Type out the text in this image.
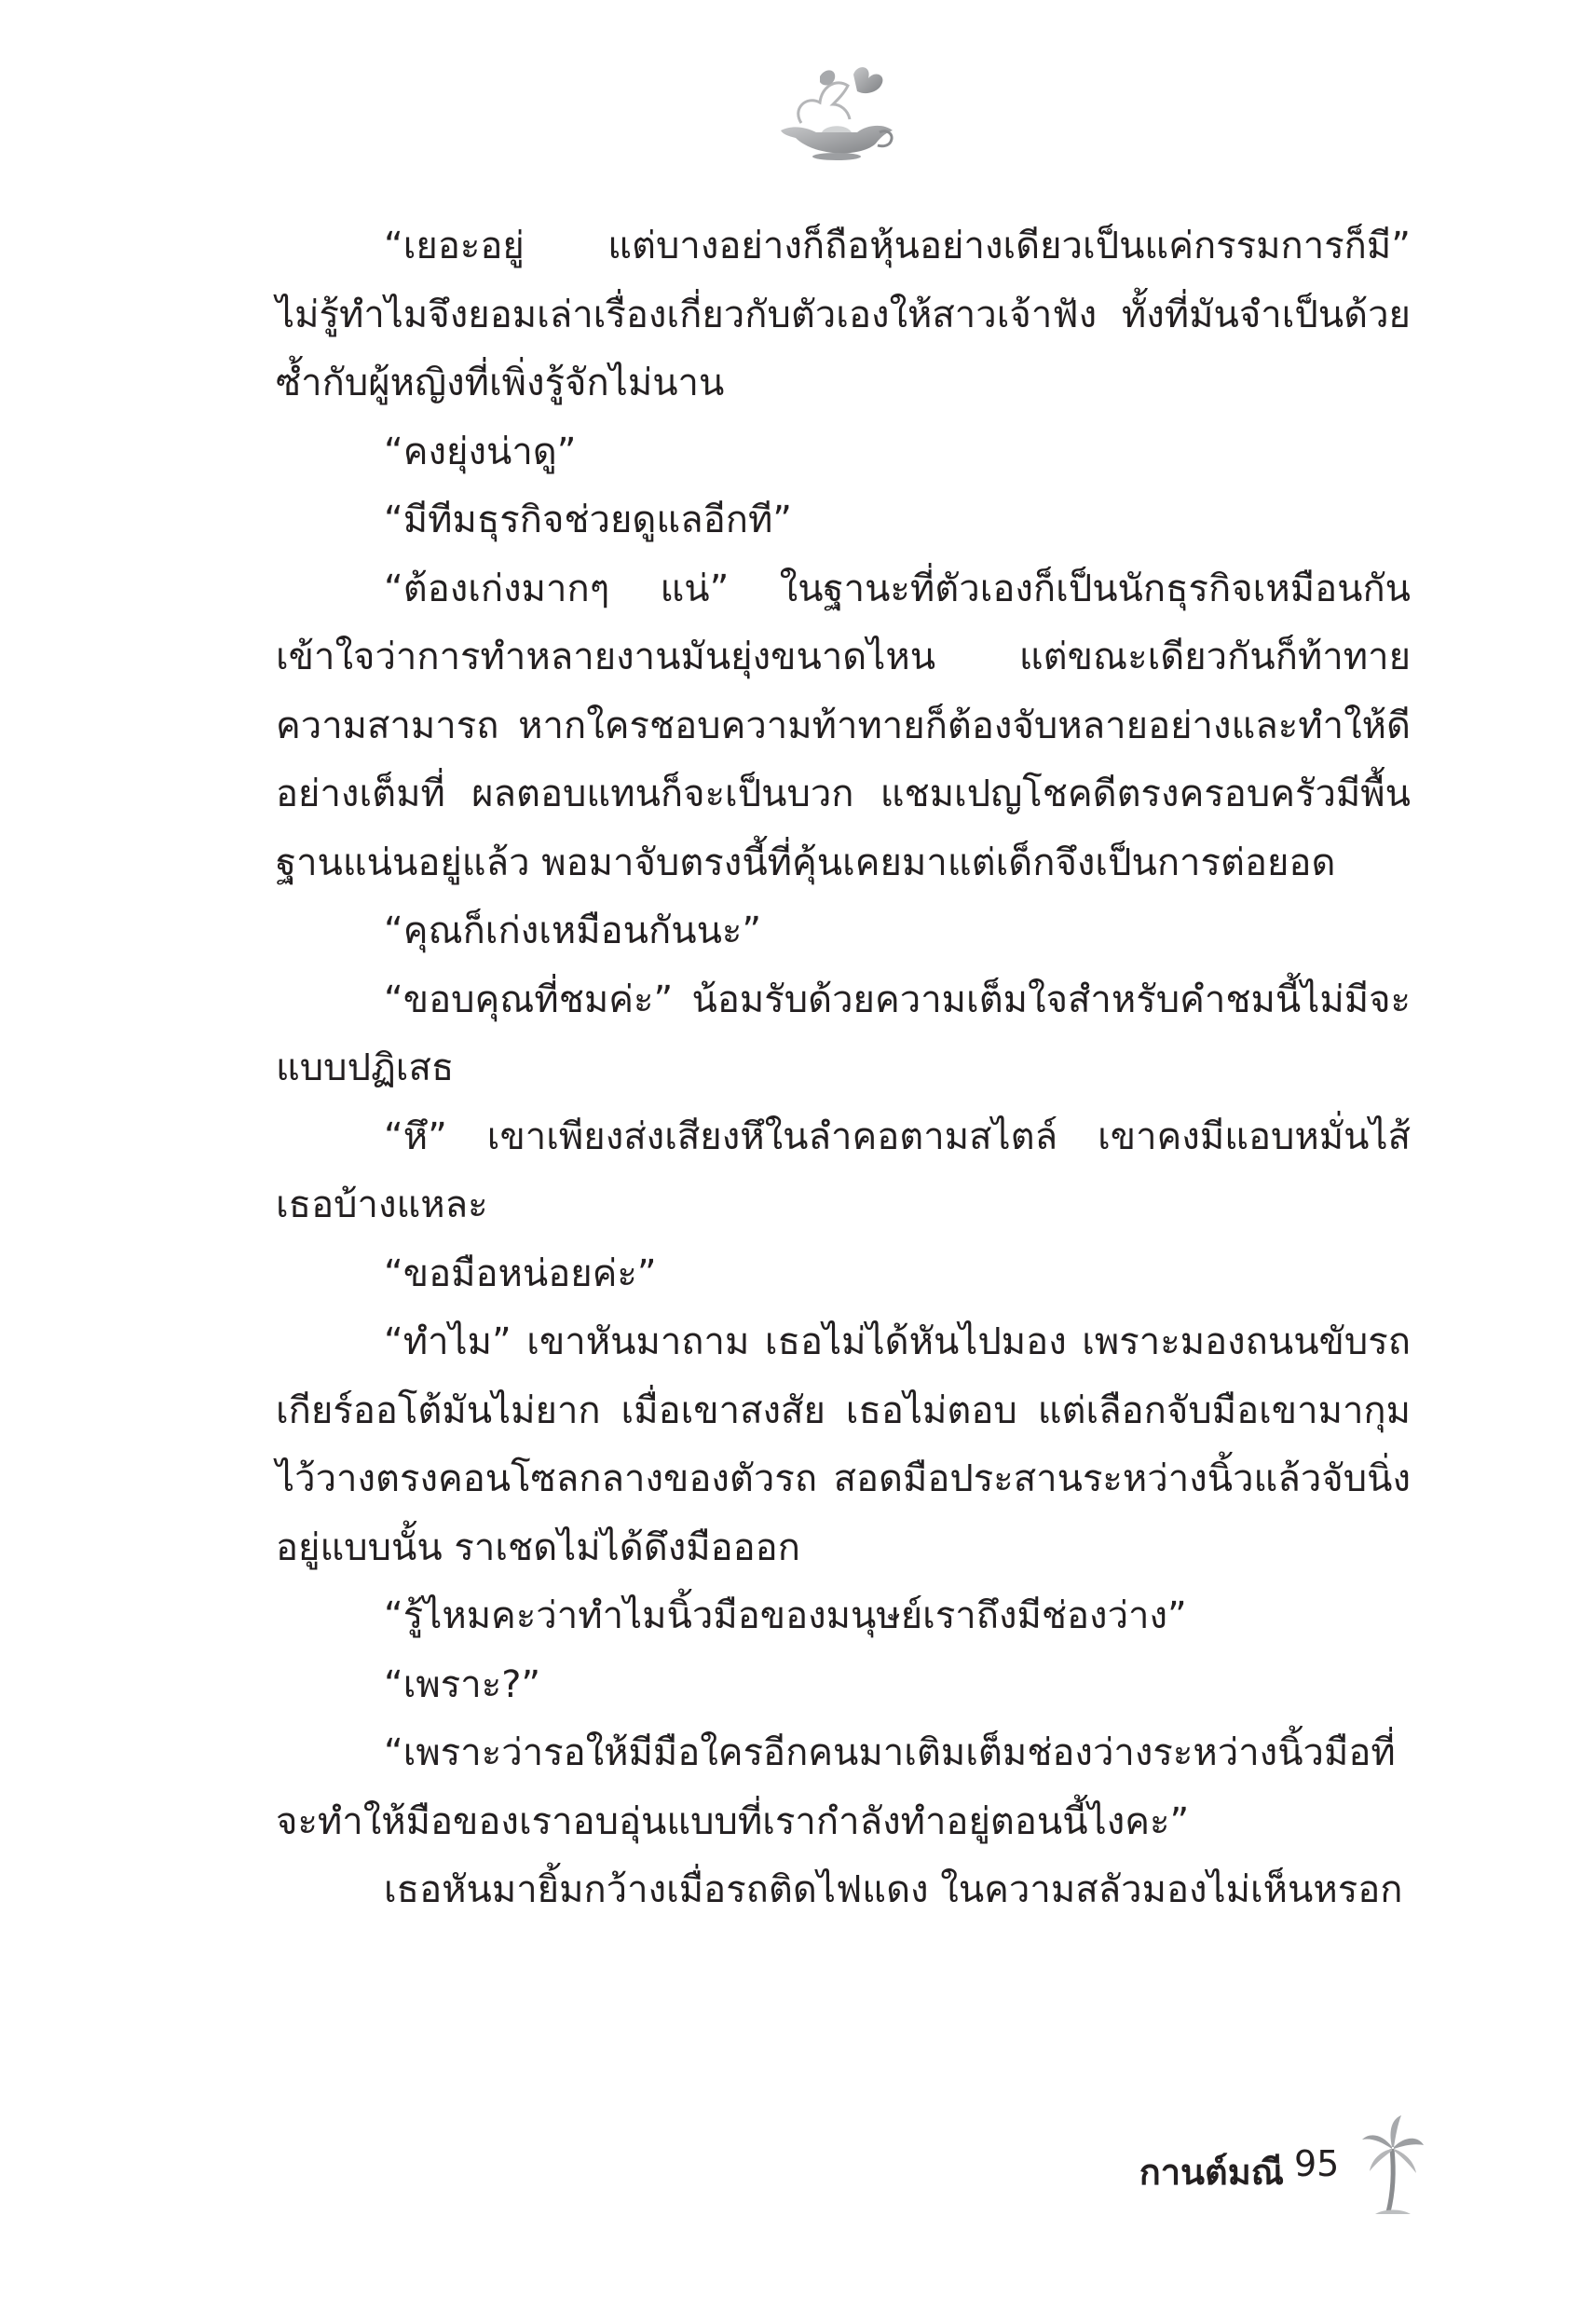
“เยอะอยู่ แต่บางอย่างก็ถือหุ้นอย่างเดียวเป็นแค่กรรมการก็มี” ไม่รู้ทำไมจึงยอมเล่าเรื่องเกี่ยวกับตัวเองให้สาวเจ้าฟัง ทั้งที่มันจำเป็นด้วยซ้ำกับผู้หญิงที่เพิ่งรู้จักไม่นาน

“คงยุ่งน่าดู”

“มีทีมธุรกิจช่วยดูแลอีกที”

“ต้องเก่งมากๆ แน่” ในฐานะที่ตัวเองก็เป็นนักธุรกิจเหมือนกัน เข้าใจว่าการทำหลายงานมันยุ่งขนาดไหน แต่ขณะเดียวกันก็ท้าทายความสามารถ หากใครชอบความท้าทายก็ต้องจับหลายอย่างและทำให้ดีอย่างเต็มที่ ผลตอบแทนก็จะเป็นบวก แชมเปญโชคดีตรงครอบครัวมีพื้นฐานแน่นอยู่แล้ว พอมาจับตรงนี้ที่คุ้นเคยมาแต่เด็กจึงเป็นการต่อยอด

“คุณก็เก่งเหมือนกันนะ”

“ขอบคุณที่ชมค่ะ” น้อมรับด้วยความเต็มใจสำหรับคำชมนี้ไม่มีจะแบบปฏิเสธ

“หึ” เขาเพียงส่งเสียงหึในลำคอตามสไตล์ เขาคงมีแอบหมั่นไส้เธอบ้างแหละ

“ขอมือหน่อยค่ะ”

“ทำไม” เขาหันมาถาม เธอไม่ได้หันไปมอง เพราะมองถนนขับรถเกียร์ออโต้มันไม่ยาก เมื่อเขาสงสัย เธอไม่ตอบ แต่เลือกจับมือเขามากุมไว้วางตรงคอนโซลกลางของตัวรถ สอดมือประสานระหว่างนิ้วแล้วจับนิ่งอยู่แบบนั้น ราเชดไม่ได้ดึงมือออก

“รู้ไหมคะว่าทำไมนิ้วมือของมนุษย์เราถึงมีช่องว่าง”

“เพราะ?”

“เพราะว่ารอให้มีมือใครอีกคนมาเติมเต็มช่องว่างระหว่างนิ้วมือที่จะทำให้มือของเราอบอุ่นแบบที่เรากำลังทำอยู่ตอนนี้ไงคะ”

เธอหันมายิ้มกว้างเมื่อรถติดไฟแดง ในความสลัวมองไม่เห็นหรอก

กานต์มณี 95
